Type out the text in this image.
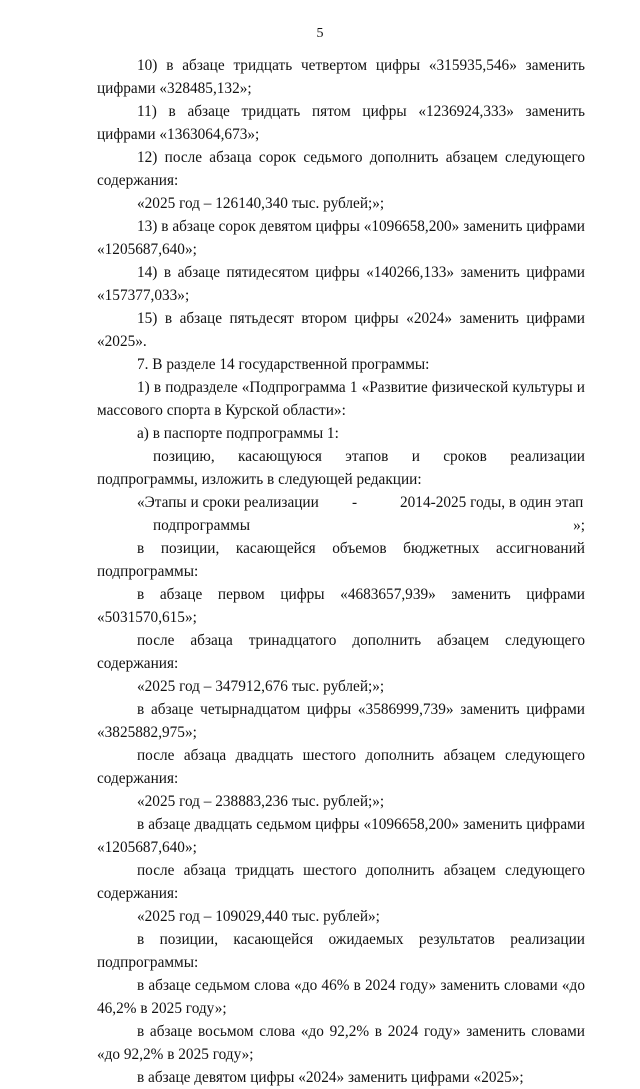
5

10) в абзаце тридцать четвертом цифры «315935,546» заменить цифрами «328485,132»;

11) в абзаце тридцать пятом цифры «1236924,333» заменить цифрами «1363064,673»;

12) после абзаца сорок седьмого дополнить абзацем следующего содержания:

«2025 год – 126140,340 тыс. рублей;»;

13) в абзаце сорок девятом цифры «1096658,200» заменить цифрами «1205687,640»;

14) в абзаце пятидесятом цифры «140266,133» заменить цифрами «157377,033»;

15) в абзаце пятьдесят втором цифры «2024» заменить цифрами «2025».

7. В разделе 14 государственной программы:

1) в подразделе «Подпрограмма 1 «Развитие физической культуры и массового спорта в Курской области»:

а) в паспорте подпрограммы 1:

позицию, касающуюся этапов и сроков реализации подпрограммы, изложить в следующей редакции:

«Этапы и сроки реализации -	2014-2025 годы, в один этап
подпрограммы	»;

в позиции, касающейся объемов бюджетных ассигнований подпрограммы:

в абзаце первом цифры «4683657,939» заменить цифрами «5031570,615»;

после абзаца тринадцатого дополнить абзацем следующего содержания:

«2025 год – 347912,676 тыс. рублей;»;

в абзаце четырнадцатом цифры «3586999,739» заменить цифрами «3825882,975»;

после абзаца двадцать шестого дополнить абзацем следующего содержания:

«2025 год – 238883,236 тыс. рублей;»;

в абзаце двадцать седьмом цифры «1096658,200» заменить цифрами «1205687,640»;

после абзаца тридцать шестого дополнить абзацем следующего содержания:

«2025 год – 109029,440 тыс. рублей»;

в позиции, касающейся ожидаемых результатов реализации подпрограммы:

в абзаце седьмом слова «до 46% в 2024 году» заменить словами «до 46,2% в 2025 году»;

в абзаце восьмом слова «до 92,2% в 2024 году» заменить словами «до 92,2% в 2025 году»;

в абзаце девятом цифры «2024» заменить цифрами «2025»;
